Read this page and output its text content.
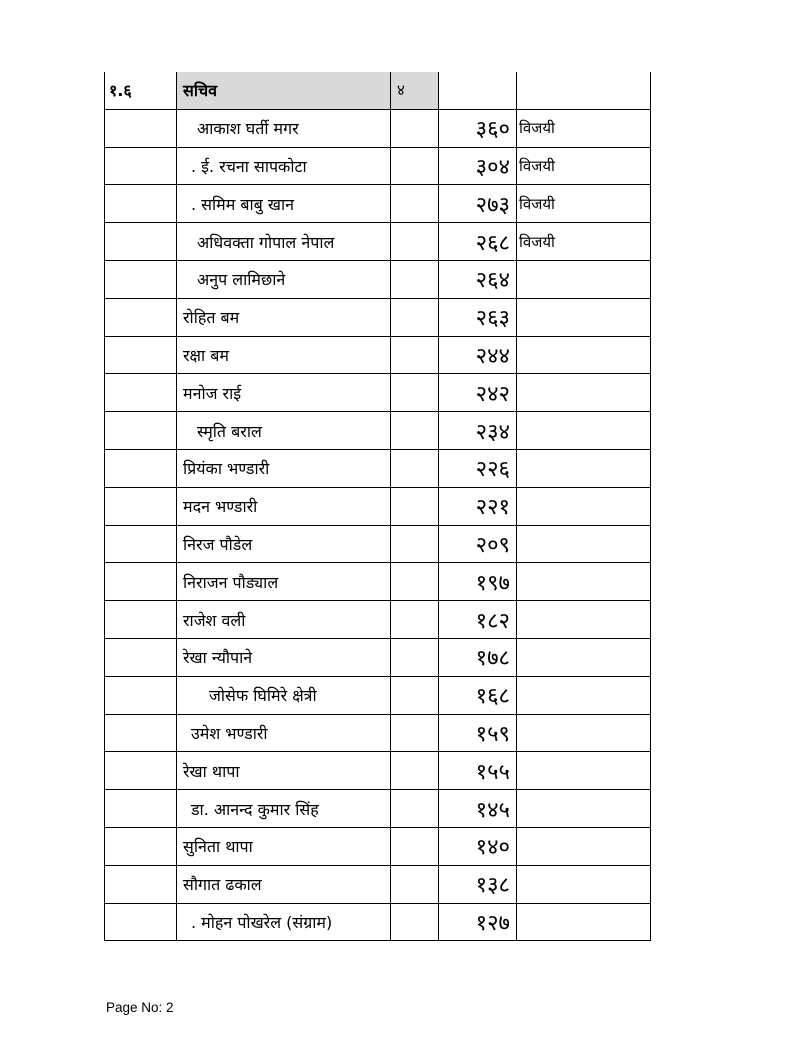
१.६	सचिव	४		
	आकाश घर्ती मगर		३६०	विजयी
	. ई. रचना सापकोटा		३०४	विजयी
	. समिम बाबु खान		२७३	विजयी
	अधिवक्ता गोपाल नेपाल		२६८	विजयी
	अनुप लामिछाने		२६४	
	रोहित बम		२६३	
	रक्षा बम		२४४	
	मनोज राई		२४२	
	स्मृति बराल		२३४	
	प्रियंका भण्डारी		२२६	
	मदन भण्डारी		२२१	
	निरज पौडेल		२०९	
	निराजन पौड्याल		१९७	
	राजेश वली		१८२	
	रेखा न्यौपाने		१७८	
	जोसेफ घिमिरे क्षेत्री		१६८	
	उमेश भण्डारी		१५९	
	रेखा थापा		१५५	
	डा. आनन्द कुमार सिंह		१४५	
	सुनिता थापा		१४०	
	सौगात ढकाल		१३८	
	. मोहन पोखरेल (संग्राम)		१२७	
Page No: 2
